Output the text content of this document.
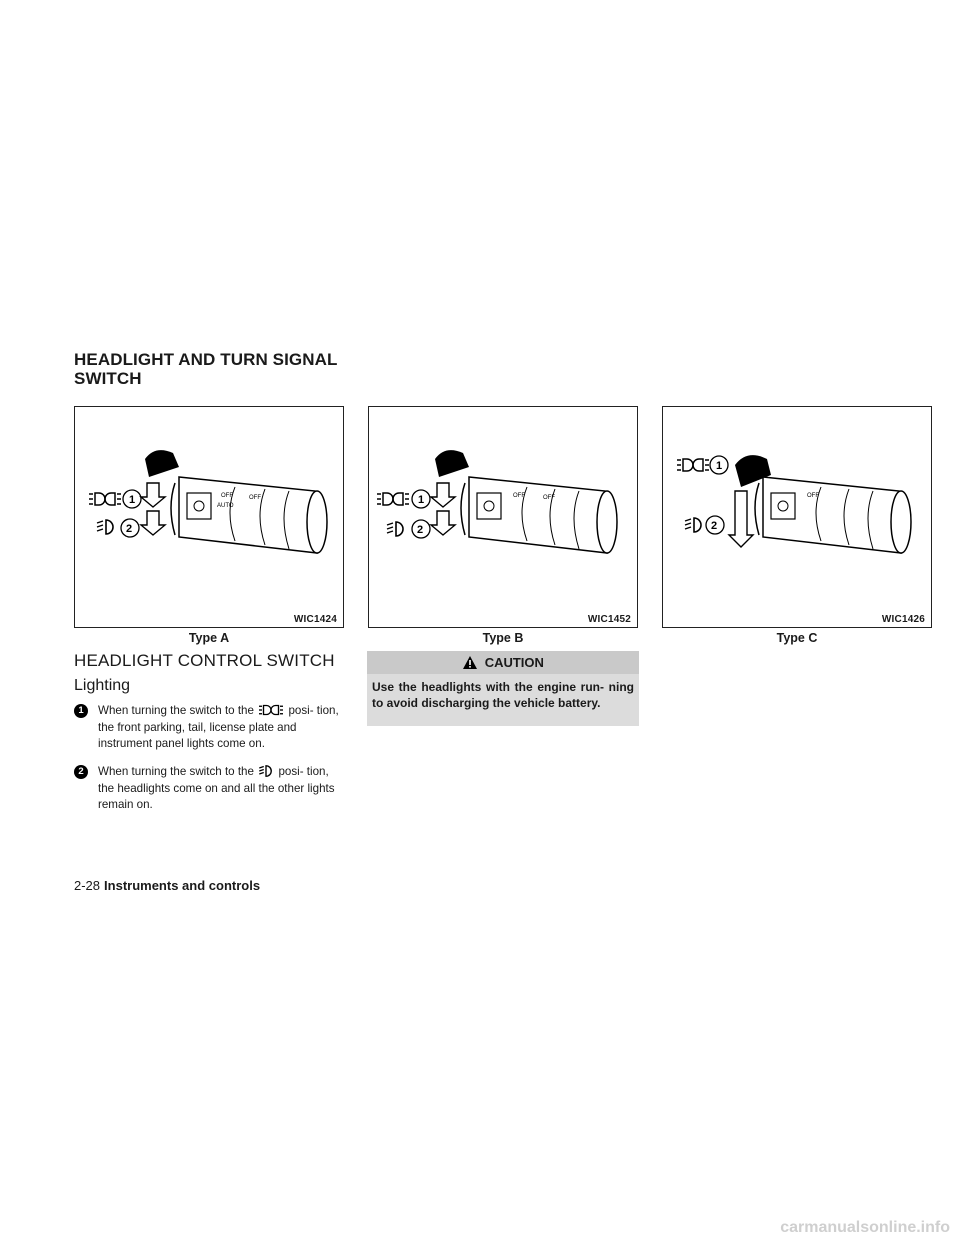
HEADLIGHT AND TURN SIGNAL SWITCH
1
2
OFF
AUTO
OFF
WIC1424
Type A
1
2
OFF	OFF
WIC1452
Type B
1
2
OFF
WIC1426
Type C
HEADLIGHT CONTROL SWITCH
Lighting
1	When turning the switch to the	posi- tion, the front parking, tail, license plate and instrument panel lights come on.
2	When turning the switch to the posi- tion, the headlights come on and all the other lights remain on.
CAUTION
Use the headlights with the engine run- ning to avoid discharging the vehicle battery.
2-28 Instruments and controls
carmanualsonline.info
